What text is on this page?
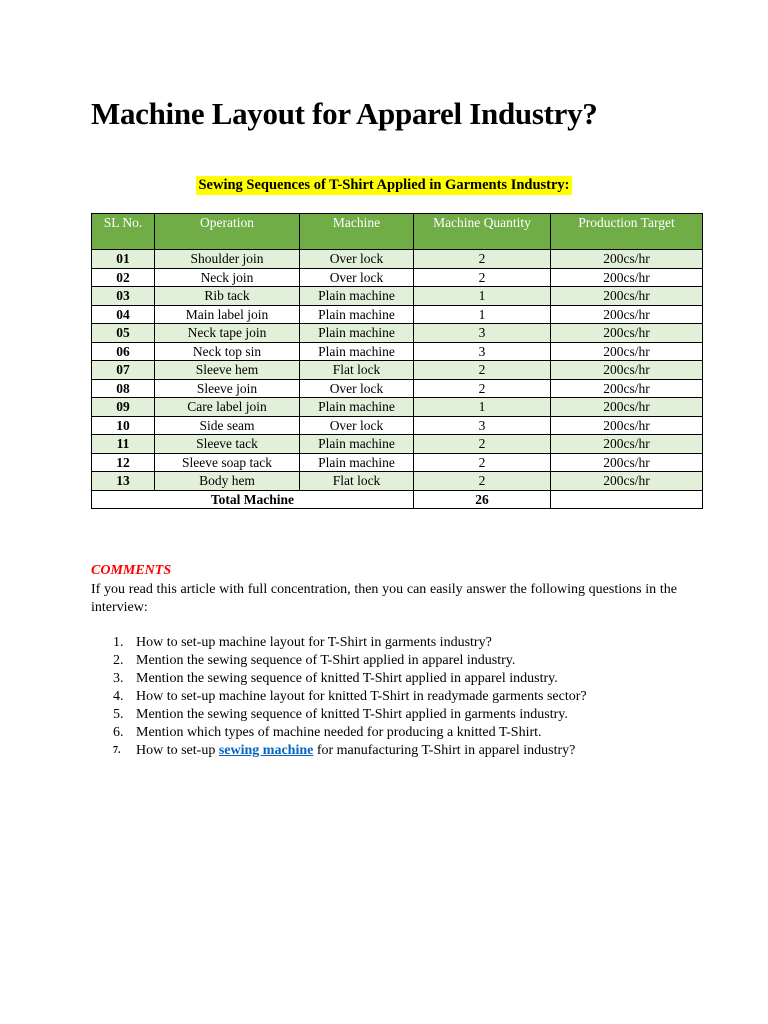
Machine Layout for Apparel Industry?
Sewing Sequences of T-Shirt Applied in Garments Industry:
SL No.	Operation	Machine	Machine Quantity	Production Target
01	Shoulder join	Over lock	2	200cs/hr
02	Neck join	Over lock	2	200cs/hr
03	Rib tack	Plain machine	1	200cs/hr
04	Main label join	Plain machine	1	200cs/hr
05	Neck tape join	Plain machine	3	200cs/hr
06	Neck top sin	Plain machine	3	200cs/hr
07	Sleeve hem	Flat lock	2	200cs/hr
08	Sleeve join	Over lock	2	200cs/hr
09	Care label join	Plain machine	1	200cs/hr
10	Side seam	Over lock	3	200cs/hr
11	Sleeve tack	Plain machine	2	200cs/hr
12	Sleeve soap tack	Plain machine	2	200cs/hr
13	Body hem	Flat lock	2	200cs/hr
Total Machine			26	
COMMENTS
If you read this article with full concentration, then you can easily answer the following questions in the interview:
1. How to set-up machine layout for T-Shirt in garments industry?
2. Mention the sewing sequence of T-Shirt applied in apparel industry.
3. Mention the sewing sequence of knitted T-Shirt applied in apparel industry.
4. How to set-up machine layout for knitted T-Shirt in readymade garments sector?
5. Mention the sewing sequence of knitted T-Shirt applied in garments industry.
6. Mention which types of machine needed for producing a knitted T-Shirt.
7. How to set-up sewing machine for manufacturing T-Shirt in apparel industry?
